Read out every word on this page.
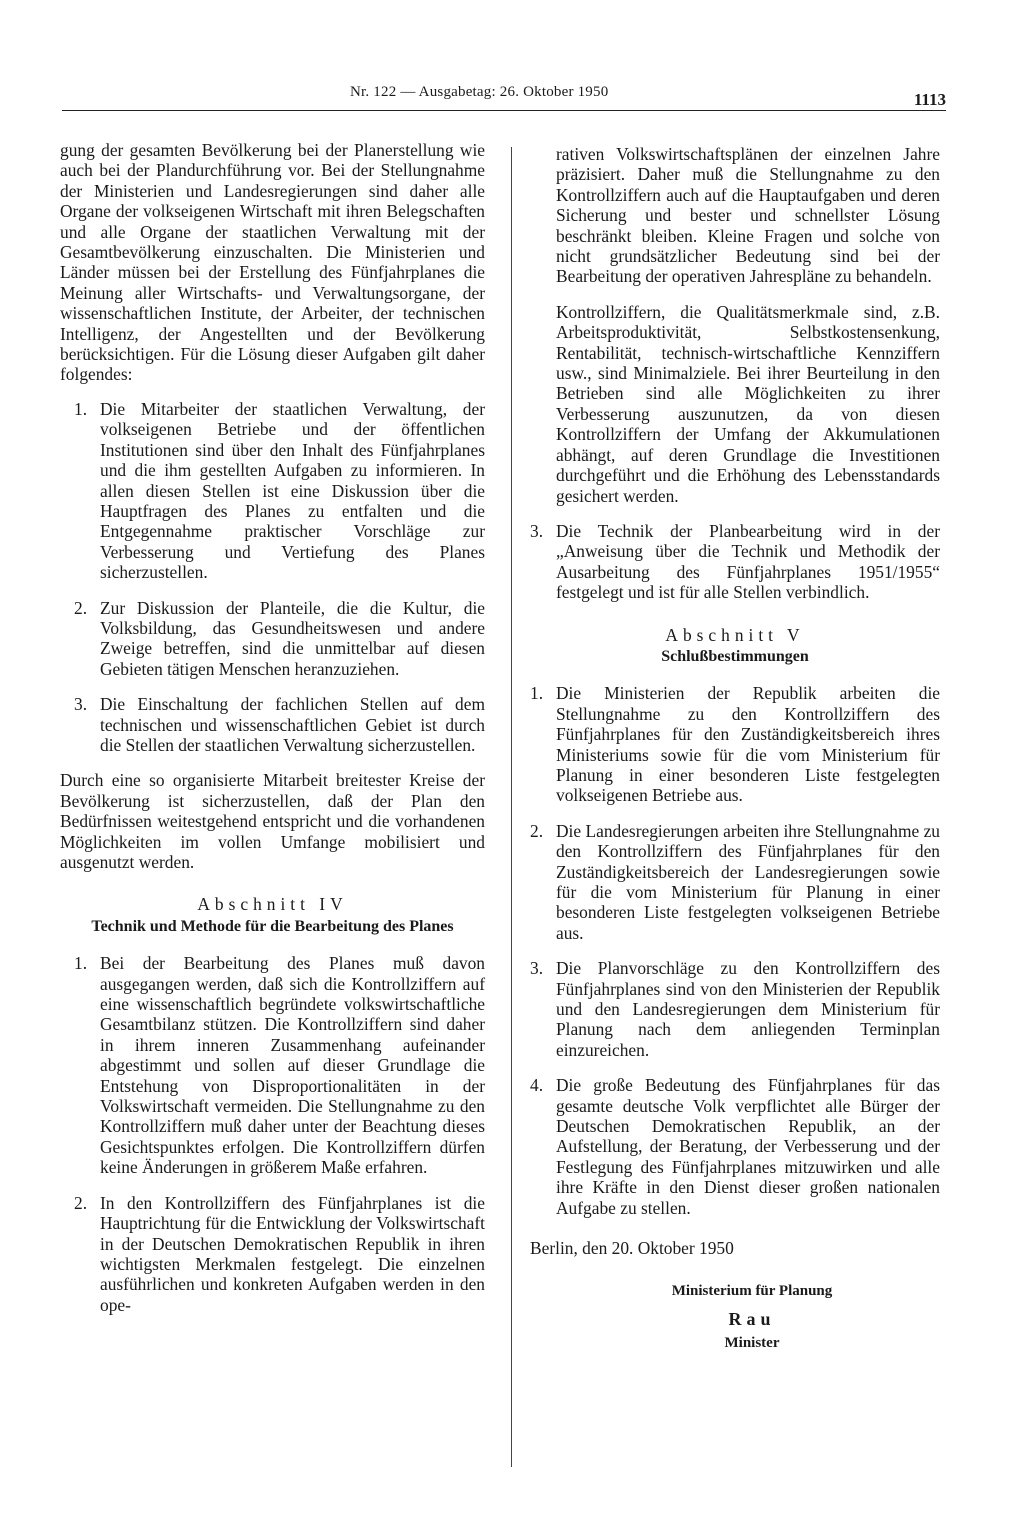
Nr. 122 — Ausgabetag: 26. Oktober 1950	1113

gung der gesamten Bevölkerung bei der Planerstellung wie auch bei der Plandurchführung vor. Bei der Stellungnahme der Ministerien und Landesregierungen sind daher alle Organe der volkseigenen Wirtschaft mit ihren Belegschaften und alle Organe der staatlichen Verwaltung mit der Gesamtbevölkerung einzuschalten. Die Ministerien und Länder müssen bei der Erstellung des Fünfjahrplanes die Meinung aller Wirtschafts- und Verwaltungsorgane, der wissenschaftlichen Institute, der Arbeiter, der technischen Intelligenz, der Angestellten und der Bevölkerung berücksichtigen. Für die Lösung dieser Aufgaben gilt daher folgendes:

1. Die Mitarbeiter der staatlichen Verwaltung, der volkseigenen Betriebe und der öffentlichen Institutionen sind über den Inhalt des Fünfjahrplanes und die ihm gestellten Aufgaben zu informieren. In allen diesen Stellen ist eine Diskussion über die Hauptfragen des Planes zu entfalten und die Entgegennahme praktischer Vorschläge zur Verbesserung und Vertiefung des Planes sicherzustellen.
2. Zur Diskussion der Planteile, die die Kultur, die Volksbildung, das Gesundheitswesen und andere Zweige betreffen, sind die unmittelbar auf diesen Gebieten tätigen Menschen heranzuziehen.
3. Die Einschaltung der fachlichen Stellen auf dem technischen und wissenschaftlichen Gebiet ist durch die Stellen der staatlichen Verwaltung sicherzustellen.

Durch eine so organisierte Mitarbeit breitester Kreise der Bevölkerung ist sicherzustellen, daß der Plan den Bedürfnissen weitestgehend entspricht und die vorhandenen Möglichkeiten im vollen Umfange mobilisiert und ausgenutzt werden.

Abschnitt IV
Technik und Methode für die Bearbeitung des Planes
1. Bei der Bearbeitung des Planes muß davon ausgegangen werden, daß sich die Kontrollziffern auf eine wissenschaftlich begründete volkswirtschaftliche Gesamtbilanz stützen. Die Kontrollziffern sind daher in ihrem inneren Zusammenhang aufeinander abgestimmt und sollen auf dieser Grundlage die Entstehung von Disproportionalitäten in der Volkswirtschaft vermeiden. Die Stellungnahme zu den Kontrollziffern muß daher unter der Beachtung dieses Gesichtspunktes erfolgen. Die Kontrollziffern dürfen keine Änderungen in größerem Maße erfahren.
2. In den Kontrollziffern des Fünfjahrplanes ist die Hauptrichtung für die Entwicklung der Volkswirtschaft in der Deutschen Demokratischen Republik in ihren wichtigsten Merkmalen festgelegt. Die einzelnen ausführlichen und konkreten Aufgaben werden in den ope-
rativen Volkswirtschaftsplänen der einzelnen Jahre präzisiert. Daher muß die Stellungnahme zu den Kontrollziffern auch auf die Hauptaufgaben und deren Sicherung und bester und schnellster Lösung beschränkt bleiben. Kleine Fragen und solche von nicht grundsätzlicher Bedeutung sind bei der Bearbeitung der operativen Jahrespläne zu behandeln.
Kontrollziffern, die Qualitätsmerkmale sind, z.B. Arbeitsproduktivität, Selbstkostensenkung, Rentabilität, technisch-wirtschaftliche Kennziffern usw., sind Minimalziele. Bei ihrer Beurteilung in den Betrieben sind alle Möglichkeiten zu ihrer Verbesserung auszunutzen, da von diesen Kontrollziffern der Umfang der Akkumulationen abhängt, auf deren Grundlage die Investitionen durchgeführt und die Erhöhung des Lebensstandards gesichert werden.
3. Die Technik der Planbearbeitung wird in der „Anweisung über die Technik und Methodik der Ausarbeitung des Fünfjahrplanes 1951/1955“ festgelegt und ist für alle Stellen verbindlich.
Abschnitt V
Schlußbestimmungen
1. Die Ministerien der Republik arbeiten die Stellungnahme zu den Kontrollziffern des Fünfjahrplanes für den Zuständigkeitsbereich ihres Ministeriums sowie für die vom Ministerium für Planung in einer besonderen Liste festgelegten volkseigenen Betriebe aus.
2. Die Landesregierungen arbeiten ihre Stellungnahme zu den Kontrollziffern des Fünfjahrplanes für den Zuständigkeitsbereich der Landesregierungen sowie für die vom Ministerium für Planung in einer besonderen Liste festgelegten volkseigenen Betriebe aus.
3. Die Planvorschläge zu den Kontrollziffern des Fünfjahrplanes sind von den Ministerien der Republik und den Landesregierungen dem Ministerium für Planung nach dem anliegenden Terminplan einzureichen.
4. Die große Bedeutung des Fünfjahrplanes für das gesamte deutsche Volk verpflichtet alle Bürger der Deutschen Demokratischen Republik, an der Aufstellung, der Beratung, der Verbesserung und der Festlegung des Fünfjahrplanes mitzuwirken und alle ihre Kräfte in den Dienst dieser großen nationalen Aufgabe zu stellen.
Berlin, den 20. Oktober 1950
Ministerium für Planung
Rau
Minister
